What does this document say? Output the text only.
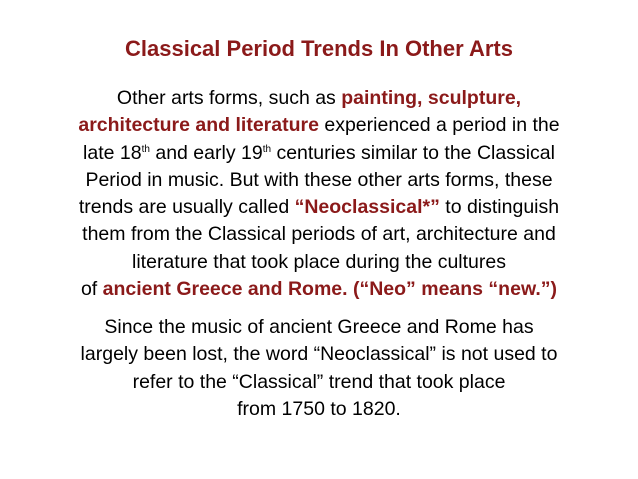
Classical Period Trends In Other Arts
Other arts forms, such as painting, sculpture,
architecture and literature experienced a period in the
late 18th and early 19th centuries similar to the Classical
Period in music. But with these other arts forms, these
trends are usually called “Neoclassical*” to distinguish
them from the Classical periods of art, architecture and
literature that took place during the cultures
of ancient Greece and Rome. (“Neo” means “new.”)
Since the music of ancient Greece and Rome has
largely been lost, the word “Neoclassical” is not used to
refer to the “Classical” trend that took place
from 1750 to 1820.
